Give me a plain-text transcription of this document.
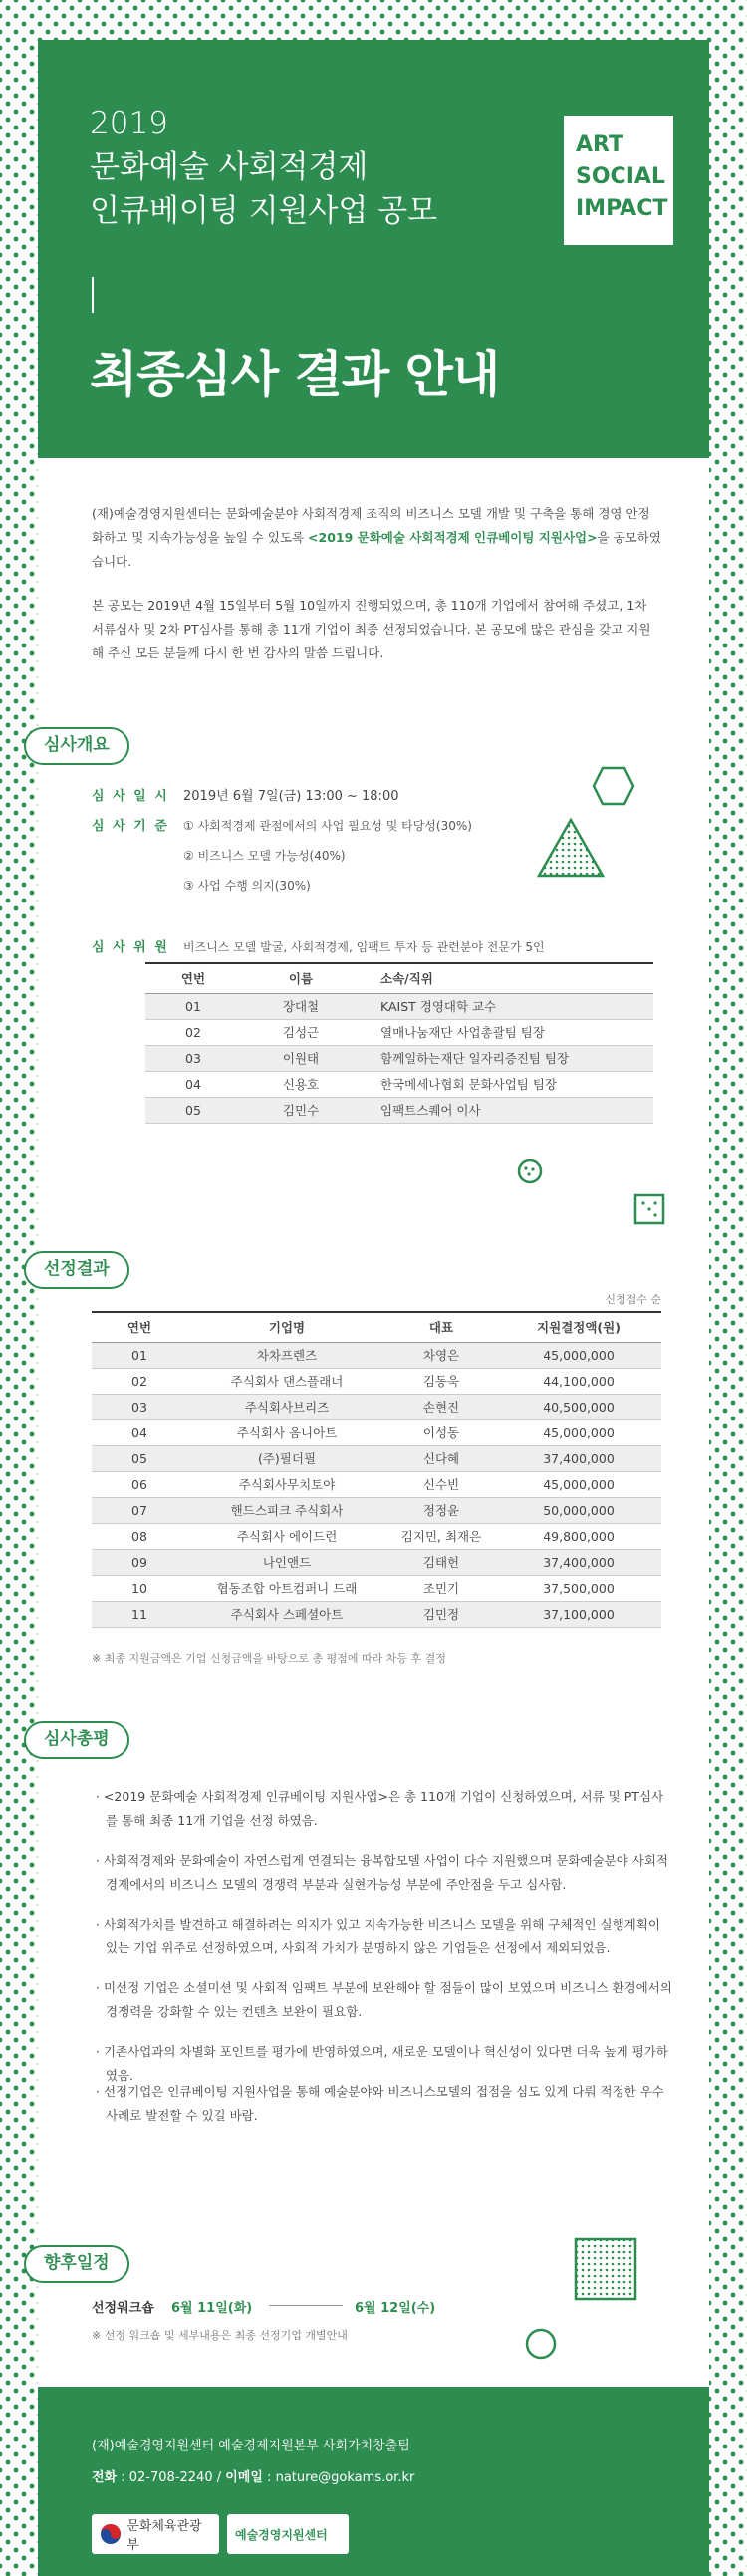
2019
문화예술 사회적경제
인큐베이팅 지원사업 공모
최종심사 결과 안내
ART
SOCIAL
IMPACT

(재)예술경영지원센터는 문화예술분야 사회적경제 조직의 비즈니스 모델 개발 및 구축을 통해 경영 안정화하고 및 지속가능성을 높일 수 있도록 <2019 문화예술 사회적경제 인큐베이팅 지원사업>을 공모하였습니다.

본 공모는 2019년 4월 15일부터 5월 10일까지 진행되었으며, 총 110개 기업에서 참여해 주셨고, 1차 서류심사 및 2차 PT심사를 통해 총 11개 기업이 최종 선정되었습니다. 본 공모에 많은 관심을 갖고 지원해 주신 모든 분들께 다시 한 번 감사의 말씀 드립니다.

심사개요
심 사 일 시 2019년 6월 7일(금) 13:00 ~ 18:00
심 사 기 준 ① 사회적경제 관점에서의 사업 필요성 및 타당성(30%)
② 비즈니스 모델 가능성(40%)
③ 사업 수행 의지(30%)
심 사 위 원 비즈니스 모델 발굴, 사회적경제, 임팩트 투자 등 관련분야 전문가 5인
연번	이름	소속/직위
01	장대철	KAIST 경영대학 교수
02	김성근	열매나눔재단 사업총괄팀 팀장
03	이원태	함께일하는재단 일자리증진팀 팀장
04	신용호	한국메세나협회 문화사업팀 팀장
05	김민수	임팩트스퀘어 이사
선정결과
신청접수 순
연번	기업명	대표	지원결정액(원)
01	차차프렌즈	차영은	45,000,000
02	주식회사 댄스플래너	김동욱	44,100,000
03	주식회사브리즈	손현진	40,500,000
04	주식회사 옴니아트	이성동	45,000,000
05	(주)필더필	신다혜	37,400,000
06	주식회사무치토야	신수빈	45,000,000
07	핸드스피크 주식회사	정정윤	50,000,000
08	주식회사 에이드런	김지민, 최재은	49,800,000
09	나인앤드	김태헌	37,400,000
10	협동조합 아트컴퍼니 드래	조민기	37,500,000
11	주식회사 스페셜아트	김민정	37,100,000
※ 최종 지원금액은 기업 신청금액을 바탕으로 총 평점에 따라 차등 후 결정
심사총평
· <2019 문화예술 사회적경제 인큐베이팅 지원사업>은 총 110개 기업이 신청하였으며, 서류 및 PT심사를 통해 최종 11개 기업을 선정 하였음.
· 사회적경제와 문화예술이 자연스럽게 연결되는 융복합모델 사업이 다수 지원했으며 문화예술분야 사회적 경제에서의 비즈니스 모델의 경쟁력 부분과 실현가능성 부분에 주안점을 두고 심사함.
· 사회적가치를 발견하고 해결하려는 의지가 있고 지속가능한 비즈니스 모델을 위해 구체적인 실행계획이 있는 기업 위주로 선정하였으며, 사회적 가치가 분명하지 않은 기업들은 선정에서 제외되었음.
· 미선정 기업은 소셜미션 및 사회적 임팩트 부분에 보완해야 할 점들이 많이 보였으며 비즈니스 환경에서의 경쟁력을 강화할 수 있는 컨텐츠 보완이 필요함.
· 기존사업과의 차별화 포인트를 평가에 반영하였으며, 새로운 모델이나 혁신성이 있다면 더욱 높게 평가하였음.
· 선정기업은 인큐베이팅 지원사업을 통해 예술분야와 비즈니스모델의 접점을 심도 있게 다뤄 적정한 우수사례로 발전할 수 있길 바람.
향후일정
선정워크숍 6월 11일(화)	6월 12일(수)
※ 선정 워크숍 및 세부내용은 최종 선정기업 개별안내
(재)예술경영지원센터 예술경제지원본부 사회가치창출팀
전화 : 02-708-2240 / 이메일 : nature@gokams.or.kr
문화체육관광부
예술경영지원센터
